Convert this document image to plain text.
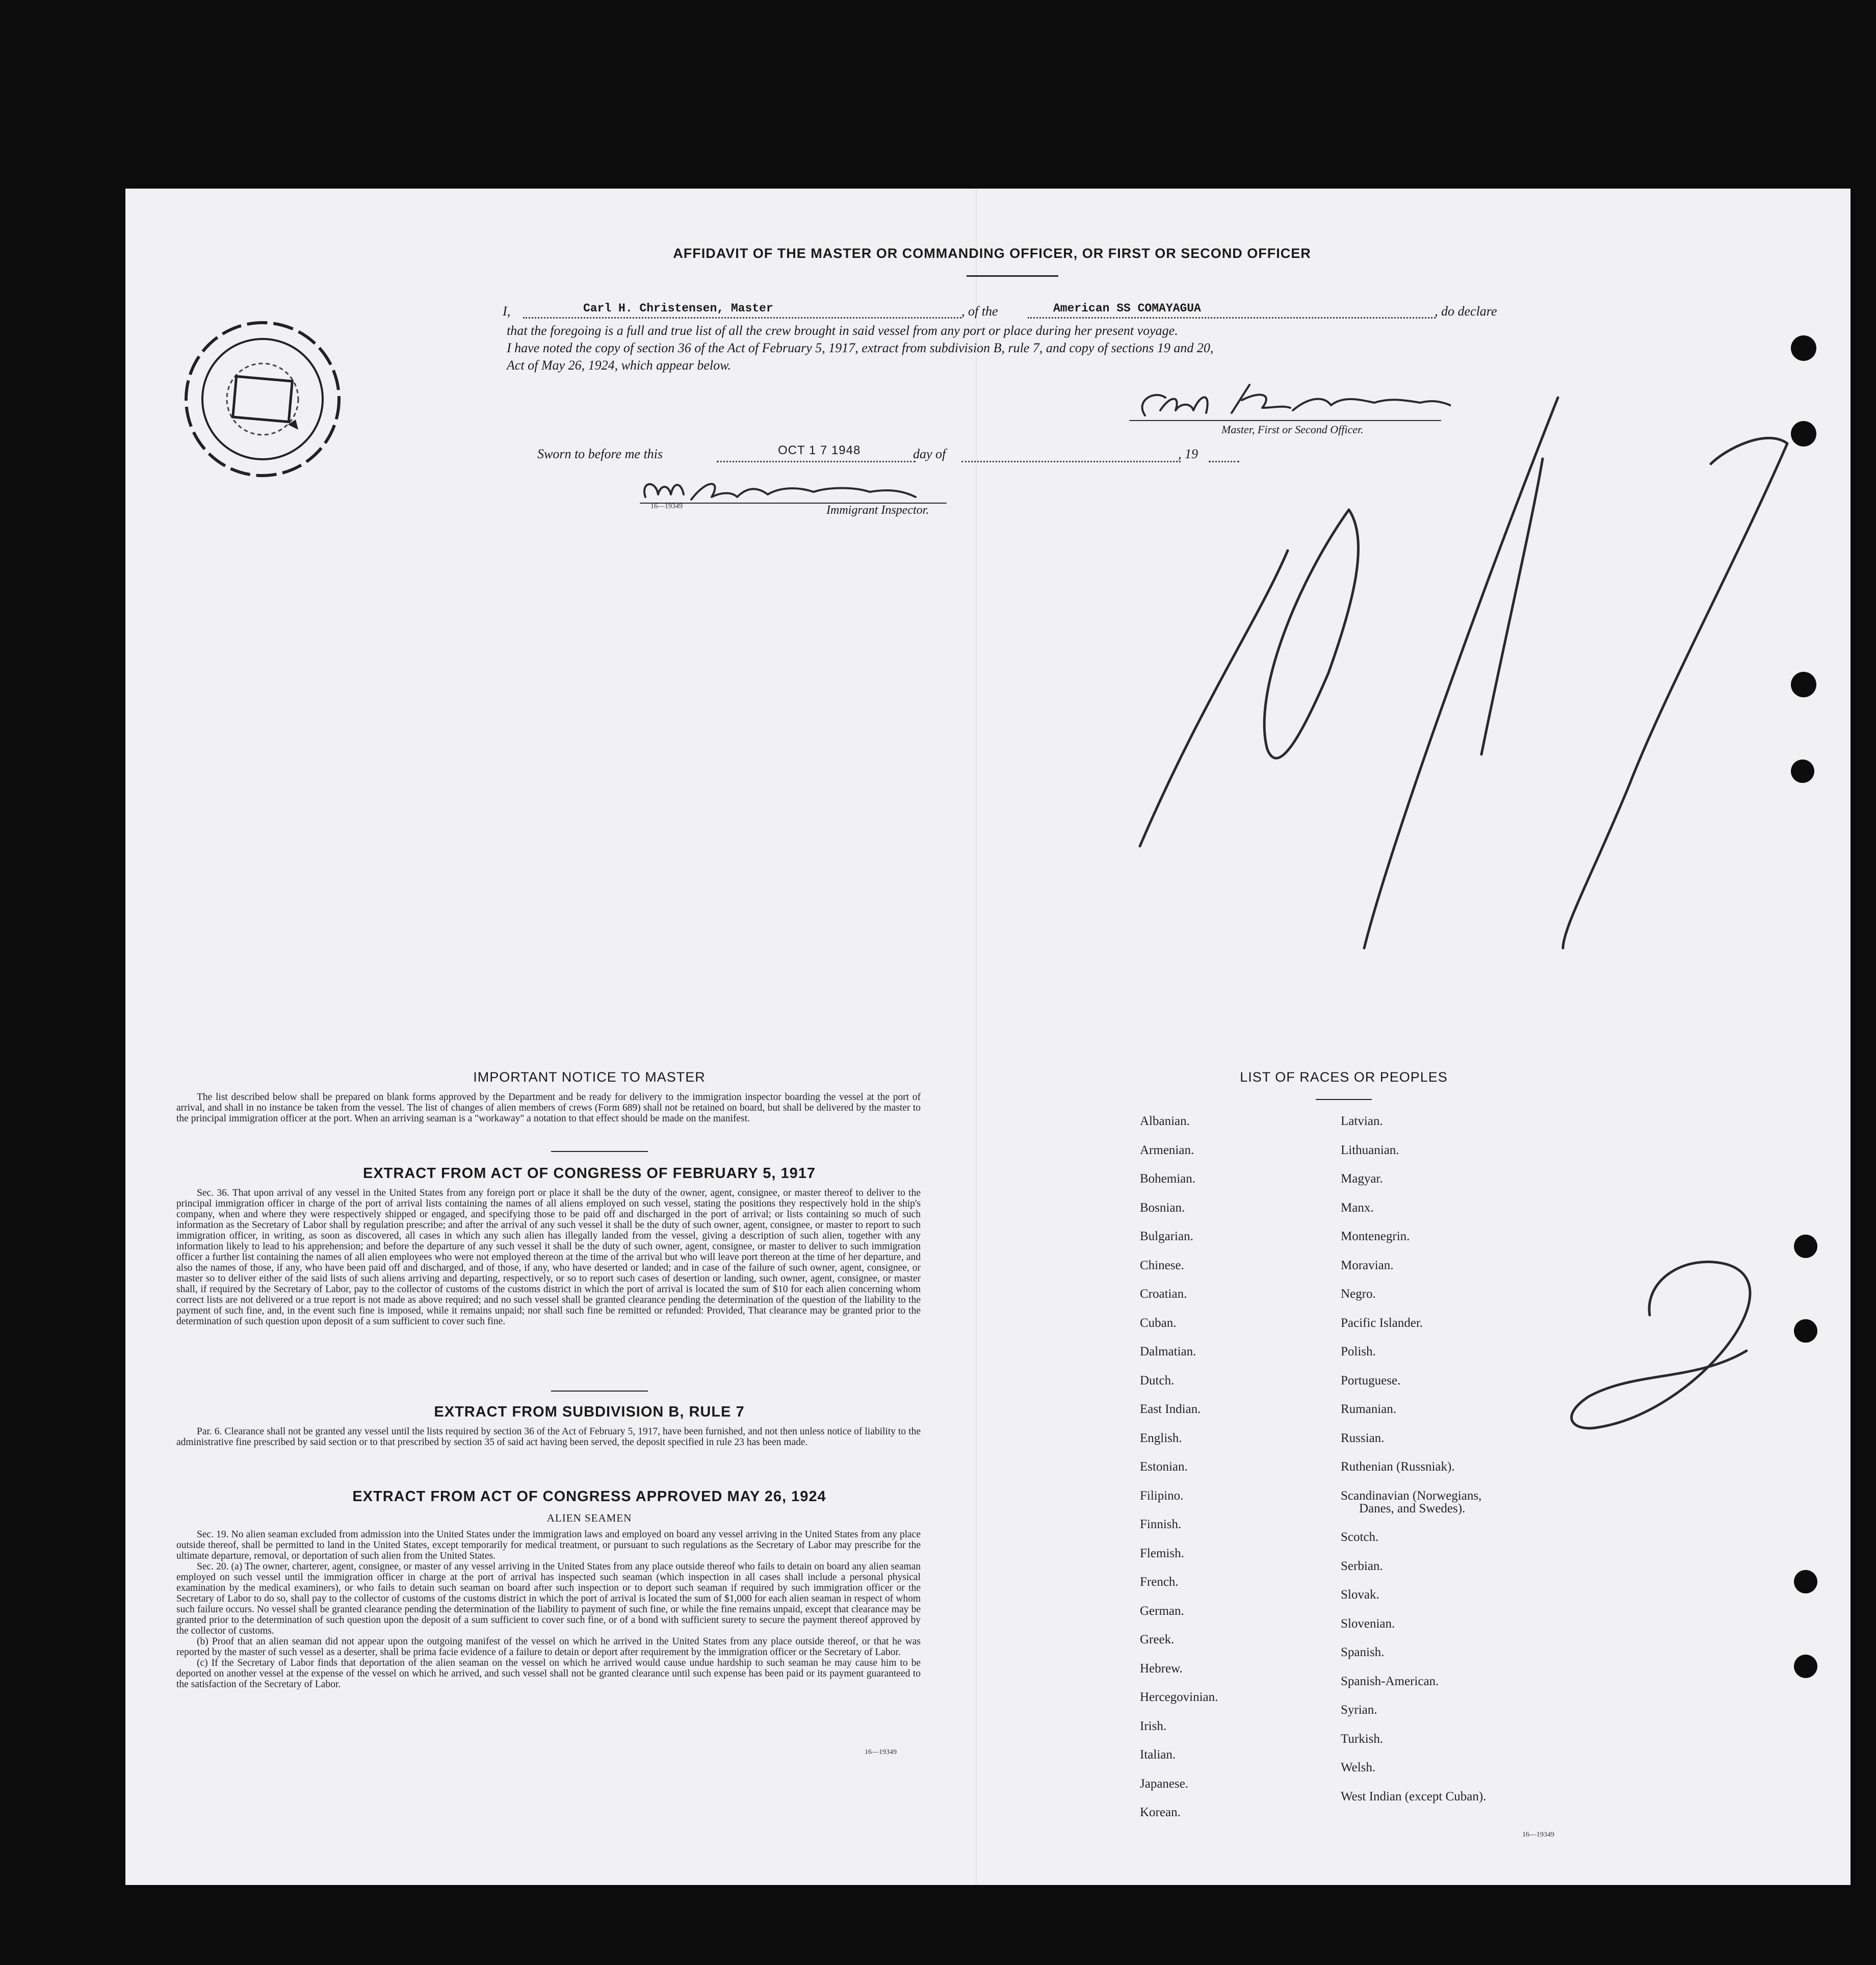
AFFIDAVIT OF THE MASTER OR COMMANDING OFFICER, OR FIRST OR SECOND OFFICER
I,	Carl H. Christensen, Master	, of the	American SS COMAYAGUA	, do declare
that the foregoing is a full and true list of all the crew brought in said vessel from any port or place during her present voyage.
I have noted the copy of section 36 of the Act of February 5, 1917, extract from subdivision B, rule 7, and copy of sections 19 and 20,
Act of May 26, 1924, which appear below.
Master, First or Second Officer.
Sworn to before me this	OCT 1 7 1948	day of	, 19
16—19349	Immigrant Inspector.
IMPORTANT NOTICE TO MASTER

The list described below shall be prepared on blank forms approved by the Department and be ready for delivery to the immigration inspector boarding the vessel at the port of arrival, and shall in no instance be taken from the vessel. The list of changes of alien members of crews (Form 689) shall not be retained on board, but shall be delivered by the master to the principal immigration officer at the port. When an arriving seaman is a "workaway" a notation to that effect should be made on the manifest.

EXTRACT FROM ACT OF CONGRESS OF FEBRUARY 5, 1917

Sec. 36. That upon arrival of any vessel in the United States from any foreign port or place it shall be the duty of the owner, agent, consignee, or master thereof to deliver to the principal immigration officer in charge of the port of arrival lists containing the names of all aliens employed on such vessel, stating the positions they respectively hold in the ship's company, when and where they were respectively shipped or engaged, and specifying those to be paid off and discharged in the port of arrival; or lists containing so much of such information as the Secretary of Labor shall by regulation prescribe; and after the arrival of any such vessel it shall be the duty of such owner, agent, consignee, or master to report to such immigration officer, in writing, as soon as discovered, all cases in which any such alien has illegally landed from the vessel, giving a description of such alien, together with any information likely to lead to his apprehension; and before the departure of any such vessel it shall be the duty of such owner, agent, consignee, or master to deliver to such immigration officer a further list containing the names of all alien employees who were not employed thereon at the time of the arrival but who will leave port thereon at the time of her departure, and also the names of those, if any, who have been paid off and discharged, and of those, if any, who have deserted or landed; and in case of the failure of such owner, agent, consignee, or master so to deliver either of the said lists of such aliens arriving and departing, respectively, or so to report such cases of desertion or landing, such owner, agent, consignee, or master shall, if required by the Secretary of Labor, pay to the collector of customs of the customs district in which the port of arrival is located the sum of $10 for each alien concerning whom correct lists are not delivered or a true report is not made as above required; and no such vessel shall be granted clearance pending the determination of the question of the liability to the payment of such fine, and, in the event such fine is imposed, while it remains unpaid; nor shall such fine be remitted or refunded: Provided, That clearance may be granted prior to the determination of such question upon deposit of a sum sufficient to cover such fine.

EXTRACT FROM SUBDIVISION B, RULE 7

Par. 6. Clearance shall not be granted any vessel until the lists required by section 36 of the Act of February 5, 1917, have been furnished, and not then unless notice of liability to the administrative fine prescribed by said section or to that prescribed by section 35 of said act having been served, the deposit specified in rule 23 has been made.

EXTRACT FROM ACT OF CONGRESS APPROVED MAY 26, 1924
ALIEN SEAMEN

Sec. 19. No alien seaman excluded from admission into the United States under the immigration laws and employed on board any vessel arriving in the United States from any place outside thereof, shall be permitted to land in the United States, except temporarily for medical treatment, or pursuant to such regulations as the Secretary of Labor may prescribe for the ultimate departure, removal, or deportation of such alien from the United States.

Sec. 20. (a) The owner, charterer, agent, consignee, or master of any vessel arriving in the United States from any place outside thereof who fails to detain on board any alien seaman employed on such vessel until the immigration officer in charge at the port of arrival has inspected such seaman (which inspection in all cases shall include a personal physical examination by the medical examiners), or who fails to detain such seaman on board after such inspection or to deport such seaman if required by such immigration officer or the Secretary of Labor to do so, shall pay to the collector of customs of the customs district in which the port of arrival is located the sum of $1,000 for each alien seaman in respect of whom such failure occurs. No vessel shall be granted clearance pending the determination of the liability to payment of such fine, or while the fine remains unpaid, except that clearance may be granted prior to the determination of such question upon the deposit of a sum sufficient to cover such fine, or of a bond with sufficient surety to secure the payment thereof approved by the collector of customs.

(b) Proof that an alien seaman did not appear upon the outgoing manifest of the vessel on which he arrived in the United States from any place outside thereof, or that he was reported by the master of such vessel as a deserter, shall be prima facie evidence of a failure to detain or deport after requirement by the immigration officer or the Secretary of Labor.

(c) If the Secretary of Labor finds that deportation of the alien seaman on the vessel on which he arrived would cause undue hardship to such seaman he may cause him to be deported on another vessel at the expense of the vessel on which he arrived, and such vessel shall not be granted clearance until such expense has been paid or its payment guaranteed to the satisfaction of the Secretary of Labor.

16—19349
LIST OF RACES OR PEOPLES
Albanian.
Armenian.
Bohemian.
Bosnian.
Bulgarian.
Chinese.
Croatian.
Cuban.
Dalmatian.
Dutch.
East Indian.
English.
Estonian.
Filipino.
Finnish.
Flemish.
French.
German.
Greek.
Hebrew.
Hercegovinian.
Irish.
Italian.
Japanese.
Korean.
Latvian.
Lithuanian.
Magyar.
Manx.
Montenegrin.
Moravian.
Negro.
Pacific Islander.
Polish.
Portuguese.
Rumanian.
Russian.
Ruthenian (Russniak).
Scandinavian (Norwegians,
Danes, and Swedes).
Scotch.
Serbian.
Slovak.
Slovenian.
Spanish.
Spanish-American.
Syrian.
Turkish.
Welsh.
West Indian (except Cuban).
16—19349
